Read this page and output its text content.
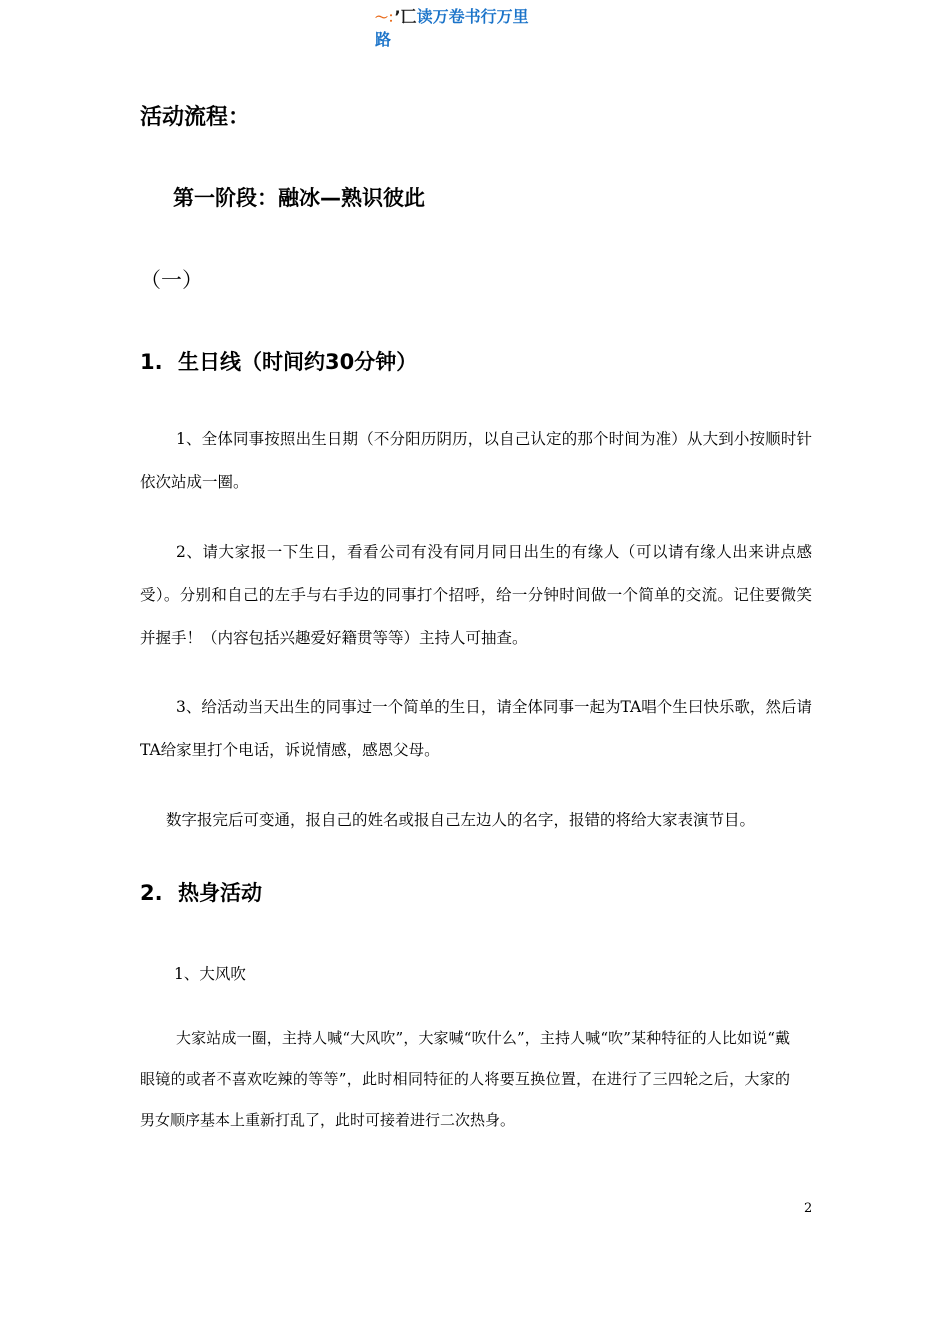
〜：’匸读万卷书行万里
路
活动流程：
第一阶段：融冰—熟识彼此
（一）
1. 生日线（时间约30分钟）
1、全体同事按照出生日期（不分阳历阴历，以自己认定的那个时间为准）从大到小按顺时针依次站成一圈。
2、请大家报一下生日，看看公司有没有同月同日出生的有缘人（可以请有缘人出来讲点感受）。分别和自己的左手与右手边的同事打个招呼，给一分钟时间做一个简单的交流。记住要微笑并握手！（内容包括兴趣爱好籍贯等等）主持人可抽查。
3、给活动当天出生的同事过一个简单的生日，请全体同事一起为TA唱个生曰快乐歌，然后请TA给家里打个电话，诉说情感，感恩父母。
数字报完后可变通，报自己的姓名或报自己左边人的名字，报错的将给大家表演节目。
2. 热身活动
1、大风吹
大家站成一圈，主持人喊“大风吹”，大家喊“吹什么”，主持人喊“吹”某种特征的人比如说“戴眼镜的或者不喜欢吃辣的等等”，此时相同特征的人将要互换位置，在进行了三四轮之后，大家的男女顺序基本上重新打乱了，此时可接着进行二次热身。
2
